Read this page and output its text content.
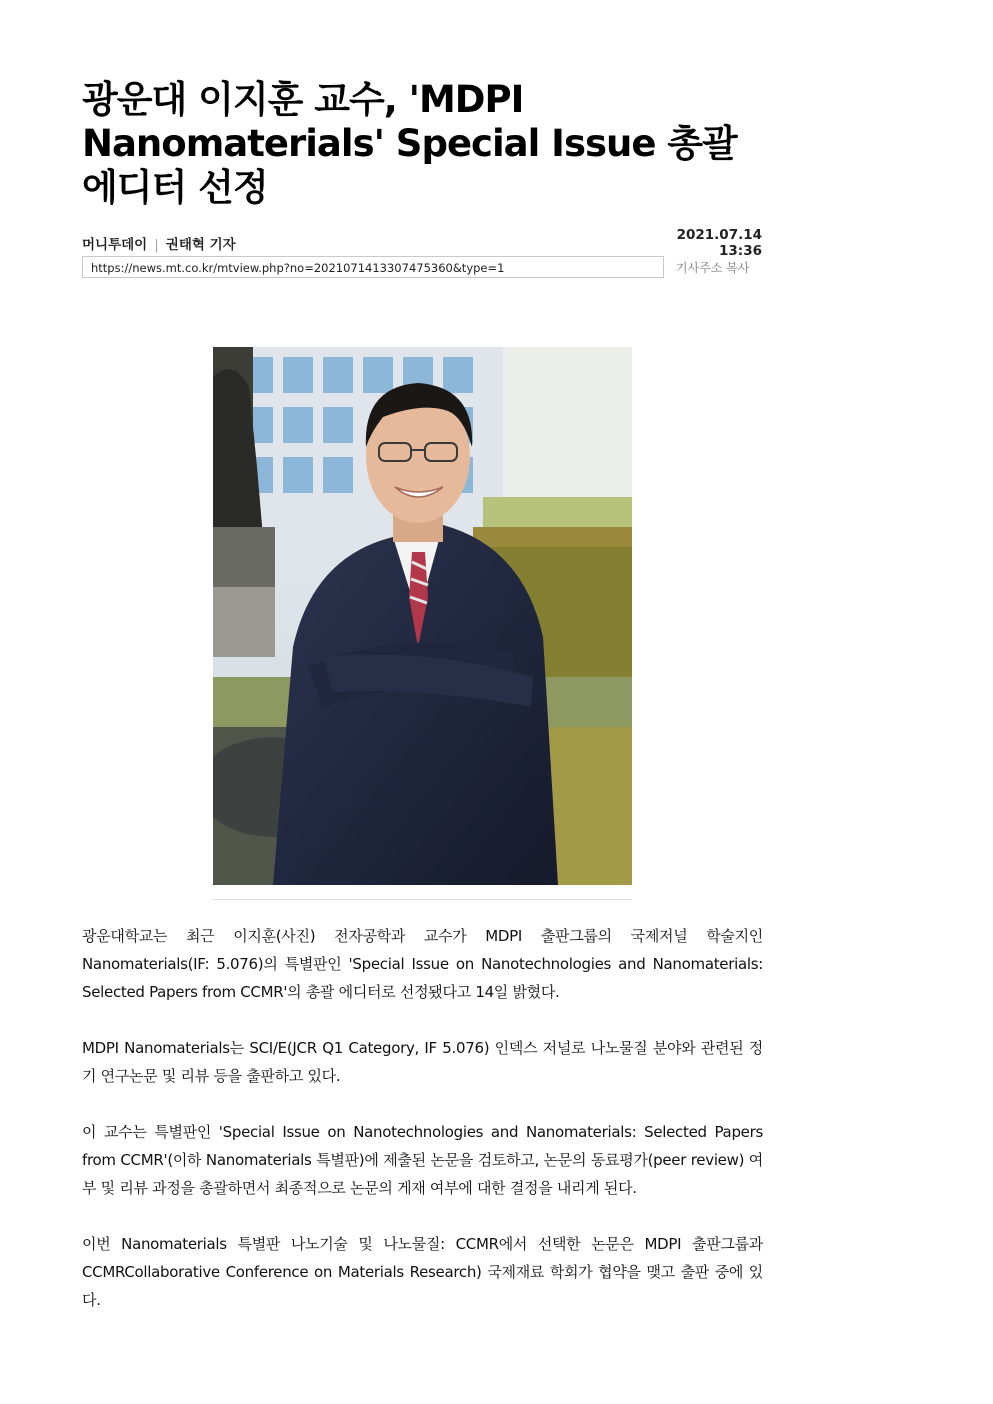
광운대 이지훈 교수, 'MDPI Nanomaterials' Special Issue 총괄 에디터 선정
머니투데이 | 권태혁 기자
2021.07.14 13:36
https://news.mt.co.kr/mtview.php?no=2021071413307475360&type=1	기사주소 복사

광운대학교는 최근 이지훈(사진) 전자공학과 교수가 MDPI 출판그룹의 국제저널 학술지인 Nanomaterials(IF: 5.076)의 특별판인 'Special Issue on Nanotechnologies and Nanomaterials: Selected Papers from CCMR'의 총괄 에디터로 선정됐다고 14일 밝혔다.

MDPI Nanomaterials는 SCI/E(JCR Q1 Category, IF 5.076) 인덱스 저널로 나노물질 분야와 관련된 정기 연구논문 및 리뷰 등을 출판하고 있다.

이 교수는 특별판인 'Special Issue on Nanotechnologies and Nanomaterials: Selected Papers from CCMR'(이하 Nanomaterials 특별판)에 제출된 논문을 검토하고, 논문의 동료평가(peer review) 여부 및 리뷰 과정을 총괄하면서 최종적으로 논문의 게재 여부에 대한 결정을 내리게 된다.

이번 Nanomaterials 특별판 나노기술 및 나노물질: CCMR에서 선택한 논문은 MDPI 출판그룹과 CCMRCollaborative Conference on Materials Research) 국제재료 학회가 협약을 맺고 출판 중에 있다.
